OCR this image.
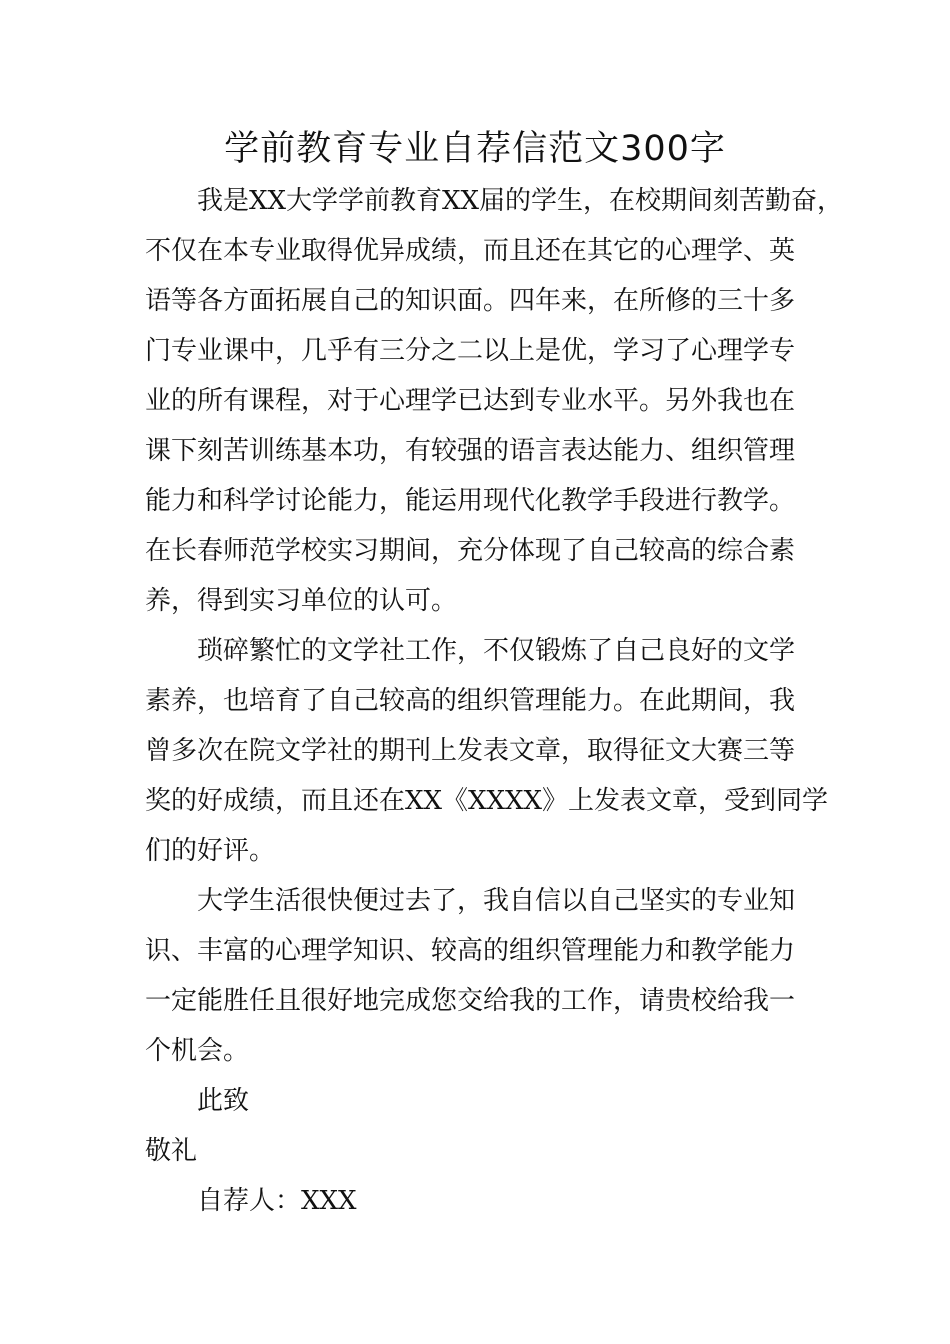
学前教育专业自荐信范文300字

我是XX大学学前教育XX届的学生，在校期间刻苦勤奋，

不仅在本专业取得优异成绩，而且还在其它的心理学、英

语等各方面拓展自己的知识面。四年来，在所修的三十多

门专业课中，几乎有三分之二以上是优，学习了心理学专

业的所有课程，对于心理学已达到专业水平。另外我也在

课下刻苦训练基本功，有较强的语言表达能力、组织管理

能力和科学讨论能力，能运用现代化教学手段进行教学。

在长春师范学校实习期间，充分体现了自己较高的综合素

养，得到实习单位的认可。

琐碎繁忙的文学社工作，不仅锻炼了自己良好的文学

素养，也培育了自己较高的组织管理能力。在此期间，我

曾多次在院文学社的期刊上发表文章，取得征文大赛三等

奖的好成绩，而且还在XX《XXXX》上发表文章，受到同学

们的好评。

大学生活很快便过去了，我自信以自己坚实的专业知

识、丰富的心理学知识、较高的组织管理能力和教学能力

一定能胜任且很好地完成您交给我的工作，请贵校给我一

个机会。

此致

敬礼

自荐人：XXX
